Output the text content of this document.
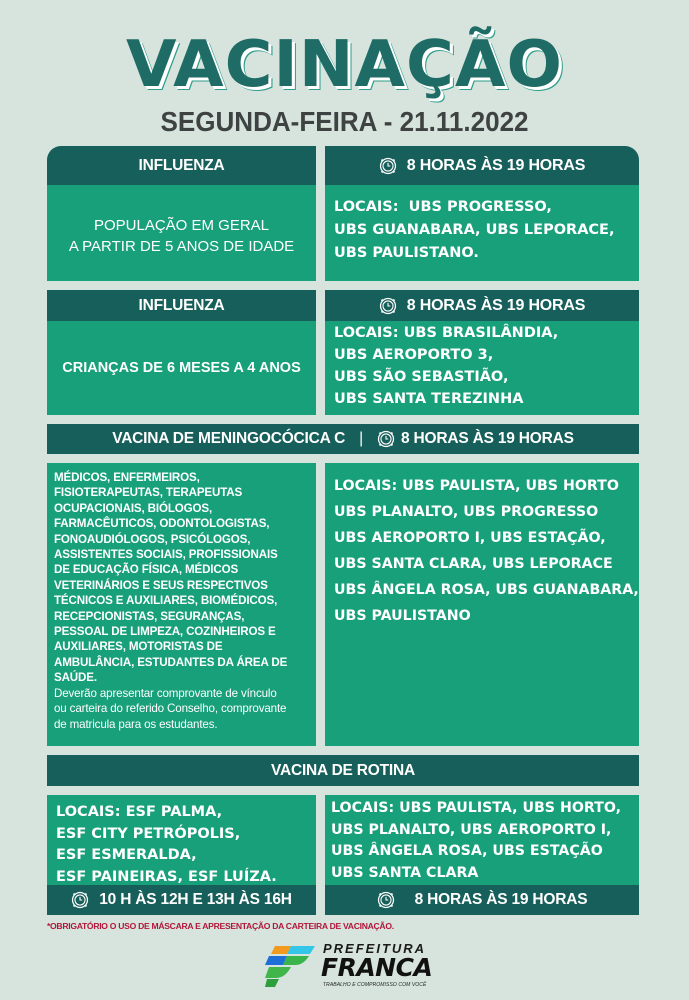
VACINAÇÃO
SEGUNDA-FEIRA - 21.11.2022
INFLUENZA	8 HORAS ÀS 19 HORAS
POPULAÇÃO EM GERAL
A PARTIR DE 5 ANOS DE IDADE
LOCAIS: UBS PROGRESSO,
UBS GUANABARA, UBS LEPORACE,
UBS PAULISTANO.
INFLUENZA	8 HORAS ÀS 19 HORAS
CRIANÇAS DE 6 MESES A 4 ANOS
LOCAIS: UBS BRASILÂNDIA,
UBS AEROPORTO 3,
UBS SÃO SEBASTIÃO,
UBS SANTA TEREZINHA
VACINA DE MENINGOCÓCICA C | 8 HORAS ÀS 19 HORAS
MÉDICOS, ENFERMEIROS,
FISIOTERAPEUTAS, TERAPEUTAS
OCUPACIONAIS, BIÓLOGOS,
FARMACÊUTICOS, ODONTOLOGISTAS,
FONOAUDIÓLOGOS, PSICÓLOGOS,
ASSISTENTES SOCIAIS, PROFISSIONAIS
DE EDUCAÇÃO FÍSICA, MÉDICOS
VETERINÁRIOS E SEUS RESPECTIVOS
TÉCNICOS E AUXILIARES, BIOMÉDICOS,
RECEPCIONISTAS, SEGURANÇAS,
PESSOAL DE LIMPEZA, COZINHEIROS E
AUXILIARES, MOTORISTAS DE
AMBULÂNCIA, ESTUDANTES DA ÁREA DE
SAÚDE.
Deverão apresentar comprovante de vínculo
ou carteira do referido Conselho, comprovante
de matricula para os estudantes.
LOCAIS: UBS PAULISTA, UBS HORTO
UBS PLANALTO, UBS PROGRESSO
UBS AEROPORTO I, UBS ESTAÇÃO,
UBS SANTA CLARA, UBS LEPORACE
UBS ÂNGELA ROSA, UBS GUANABARA,
UBS PAULISTANO
VACINA DE ROTINA
LOCAIS: ESF PALMA,
ESF CITY PETRÓPOLIS,
ESF ESMERALDA,
ESF PAINEIRAS, ESF LUÍZA.
LOCAIS: UBS PAULISTA, UBS HORTO,
UBS PLANALTO, UBS AEROPORTO I,
UBS ÂNGELA ROSA, UBS ESTAÇÃO
UBS SANTA CLARA
10 H ÀS 12H E 13H ÀS 16H	8 HORAS ÀS 19 HORAS
*OBRIGATÓRIO O USO DE MÁSCARA E APRESENTAÇÃO DA CARTEIRA DE VACINAÇÃO.
PREFEITURA
FRANCA
TRABALHO E COMPROMISSO COM VOCÊ
